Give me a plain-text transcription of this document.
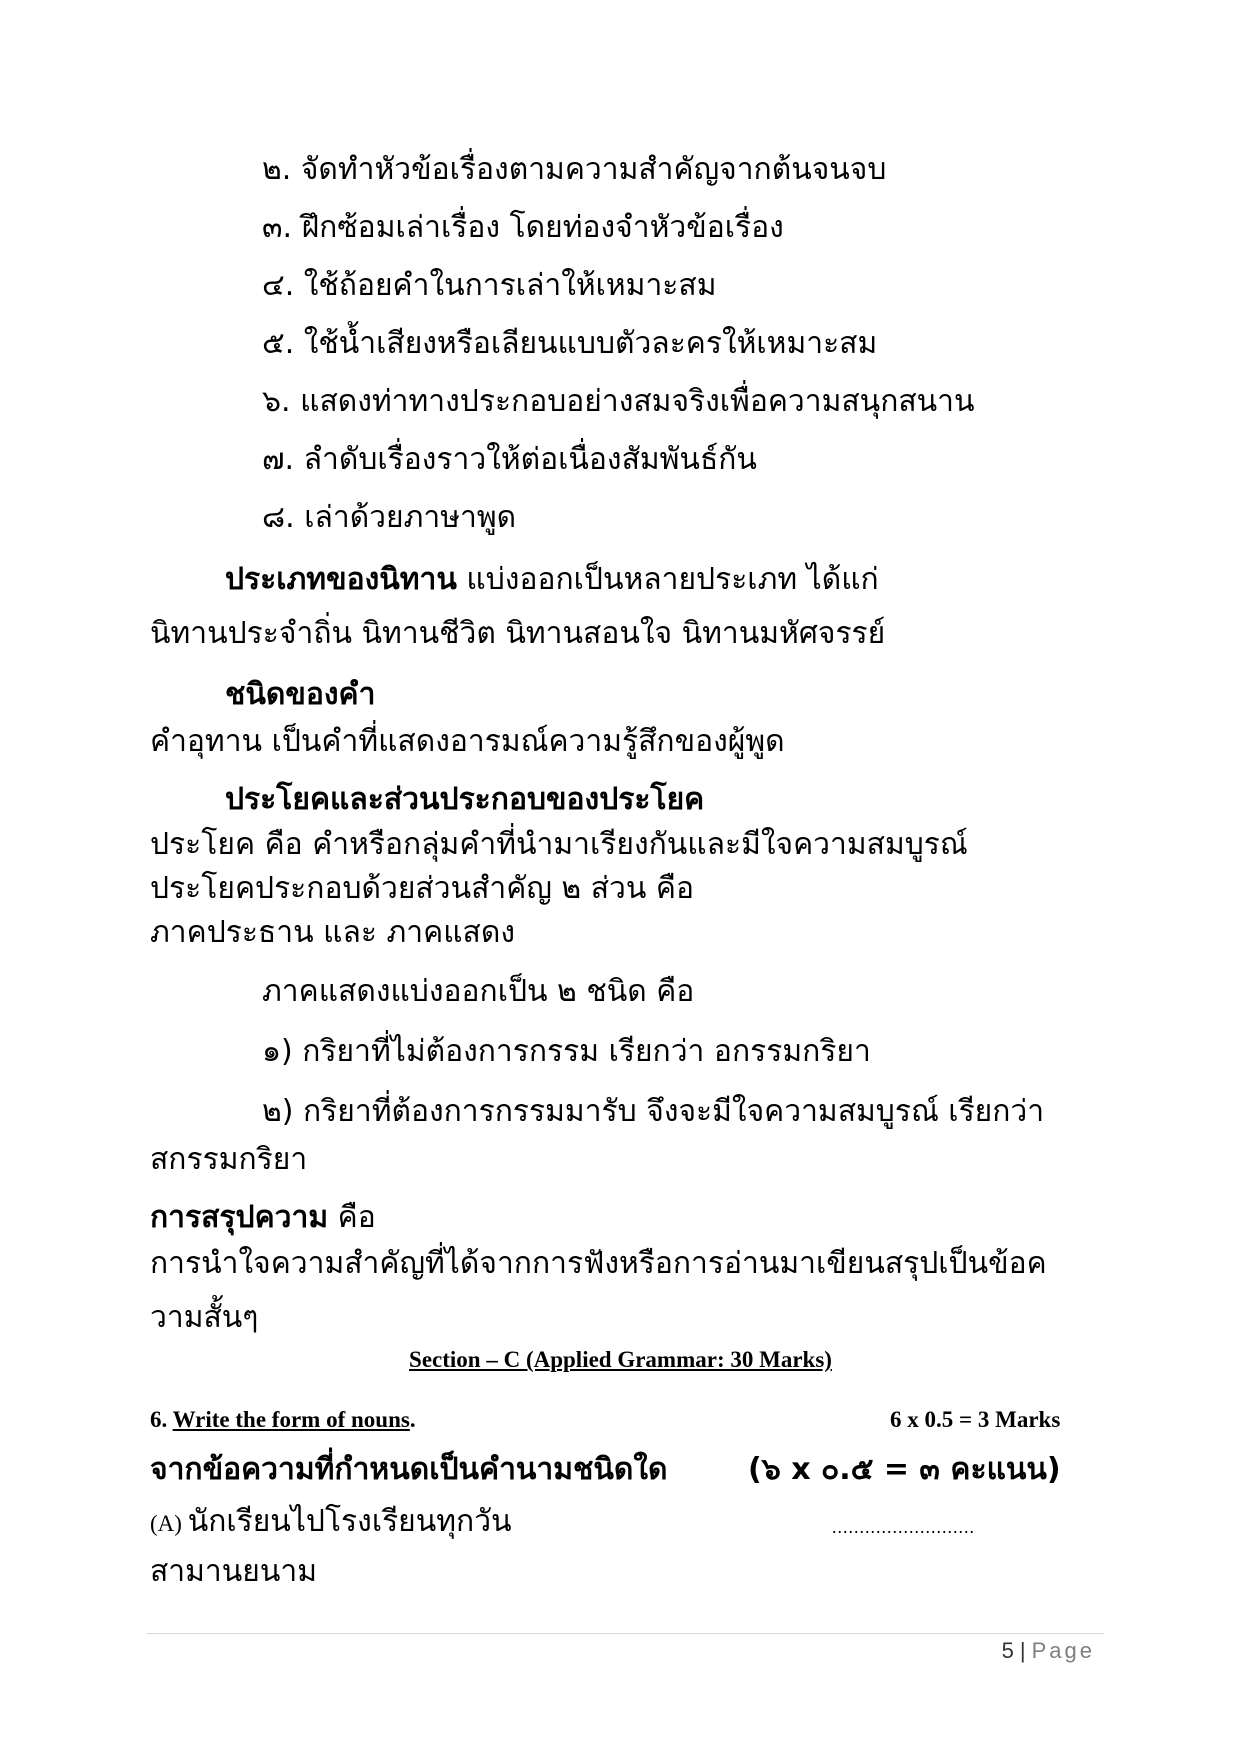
๒. จัดทำหัวข้อเรื่องตามความสำคัญจากต้นจนจบ
๓. ฝึกซ้อมเล่าเรื่อง โดยท่องจำหัวข้อเรื่อง
๔. ใช้ถ้อยคำในการเล่าให้เหมาะสม
๕. ใช้น้ำเสียงหรือเลียนแบบตัวละครให้เหมาะสม
๖. แสดงท่าทางประกอบอย่างสมจริงเพื่อความสนุกสนาน
๗. ลำดับเรื่องราวให้ต่อเนื่องสัมพันธ์กัน
๘. เล่าด้วยภาษาพูด
ประเภทของนิทาน แบ่งออกเป็นหลายประเภท ได้แก่
นิทานประจำถิ่น นิทานชีวิต นิทานสอนใจ นิทานมหัศจรรย์
ชนิดของคำ
คำอุทาน เป็นคำที่แสดงอารมณ์ความรู้สึกของผู้พูด
ประโยคและส่วนประกอบของประโยค
ประโยค คือ คำหรือกลุ่มคำที่นำมาเรียงกันและมีใจความสมบูรณ์
ประโยคประกอบด้วยส่วนสำคัญ ๒ ส่วน คือ
ภาคประธาน และ ภาคแสดง
ภาคแสดงแบ่งออกเป็น ๒ ชนิด คือ
๑) กริยาที่ไม่ต้องการกรรม เรียกว่า อกรรมกริยา
๒) กริยาที่ต้องการกรรมมารับ จึงจะมีใจความสมบูรณ์ เรียกว่า
สกรรมกริยา
การสรุปความ คือ
การนำใจความสำคัญที่ได้จากการฟังหรือการอ่านมาเขียนสรุปเป็นข้อค
วามสั้นๆ
Section – C (Applied Grammar: 30 Marks)
6. Write the form of nouns.	6 x 0.5 = 3 Marks
จากข้อความที่กำหนดเป็นคำนามชนิดใด	(๖ x ๐.๕ = ๓ คะแนน)
(A) นักเรียนไปโรงเรียนทุกวัน	..........................
สามานยนาม
5 | Page
